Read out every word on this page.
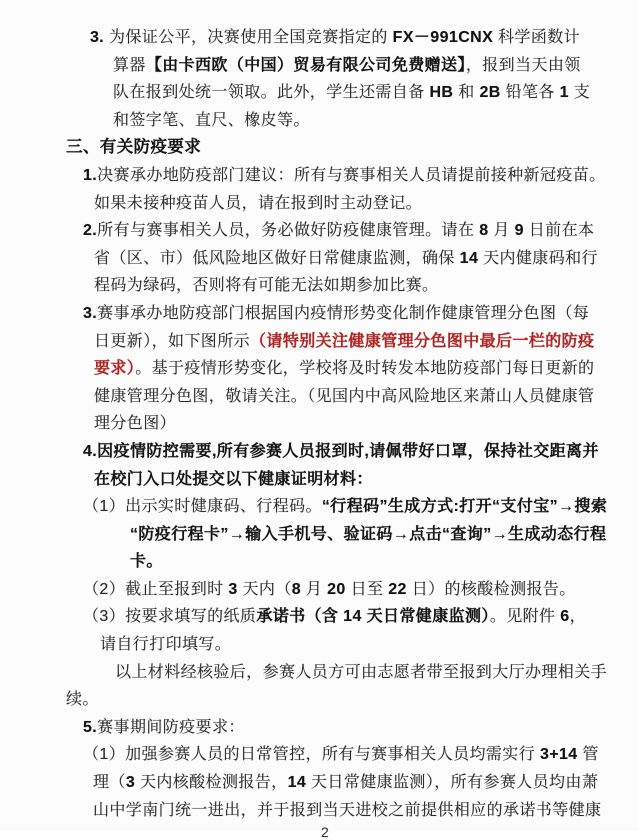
3. 为保证公平，决赛使用全国竞赛指定的 FX－991CNX 科学函数计
算器【由卡西欧（中国）贸易有限公司免费赠送】，报到当天由领
队在报到处统一领取。此外，学生还需自备 HB 和 2B 铅笔各 1 支
和签字笔、直尺、橡皮等。

三、有关防疫要求

1.决赛承办地防疫部门建议：所有与赛事相关人员请提前接种新冠疫苗。
如果未接种疫苗人员，请在报到时主动登记。

2.所有与赛事相关人员，务必做好防疫健康管理。请在 8 月 9 日前在本
省（区、市）低风险地区做好日常健康监测，确保 14 天内健康码和行
程码为绿码，否则将有可能无法如期参加比赛。

3.赛事承办地防疫部门根据国内疫情形势变化制作健康管理分色图（每
日更新），如下图所示（请特别关注健康管理分色图中最后一栏的防疫
要求）。基于疫情形势变化，学校将及时转发本地防疫部门每日更新的
健康管理分色图，敬请关注。（见国内中高风险地区来萧山人员健康管
理分色图）

4.因疫情防控需要,所有参赛人员报到时,请佩带好口罩，保持社交距离并
在校门入口处提交以下健康证明材料：

（1）出示实时健康码、行程码。“行程码”生成方式:打开“支付宝”→搜索
“防疫行程卡”→输入手机号、验证码→点击“查询”→生成动态行程
卡。

（2）截止至报到时 3 天内（8 月 20 日至 22 日）的核酸检测报告。

（3）按要求填写的纸质承诺书（含 14 天日常健康监测）。见附件 6，
请自行打印填写。

以上材料经核验后，参赛人员方可由志愿者带至报到大厅办理相关手
续。

5.赛事期间防疫要求：

（1）加强参赛人员的日常管控，所有与赛事相关人员均需实行 3+14 管
理（3 天内核酸检测报告，14 天日常健康监测），所有参赛人员均由萧
山中学南门统一进出，并于报到当天进校之前提供相应的承诺书等健康

2
